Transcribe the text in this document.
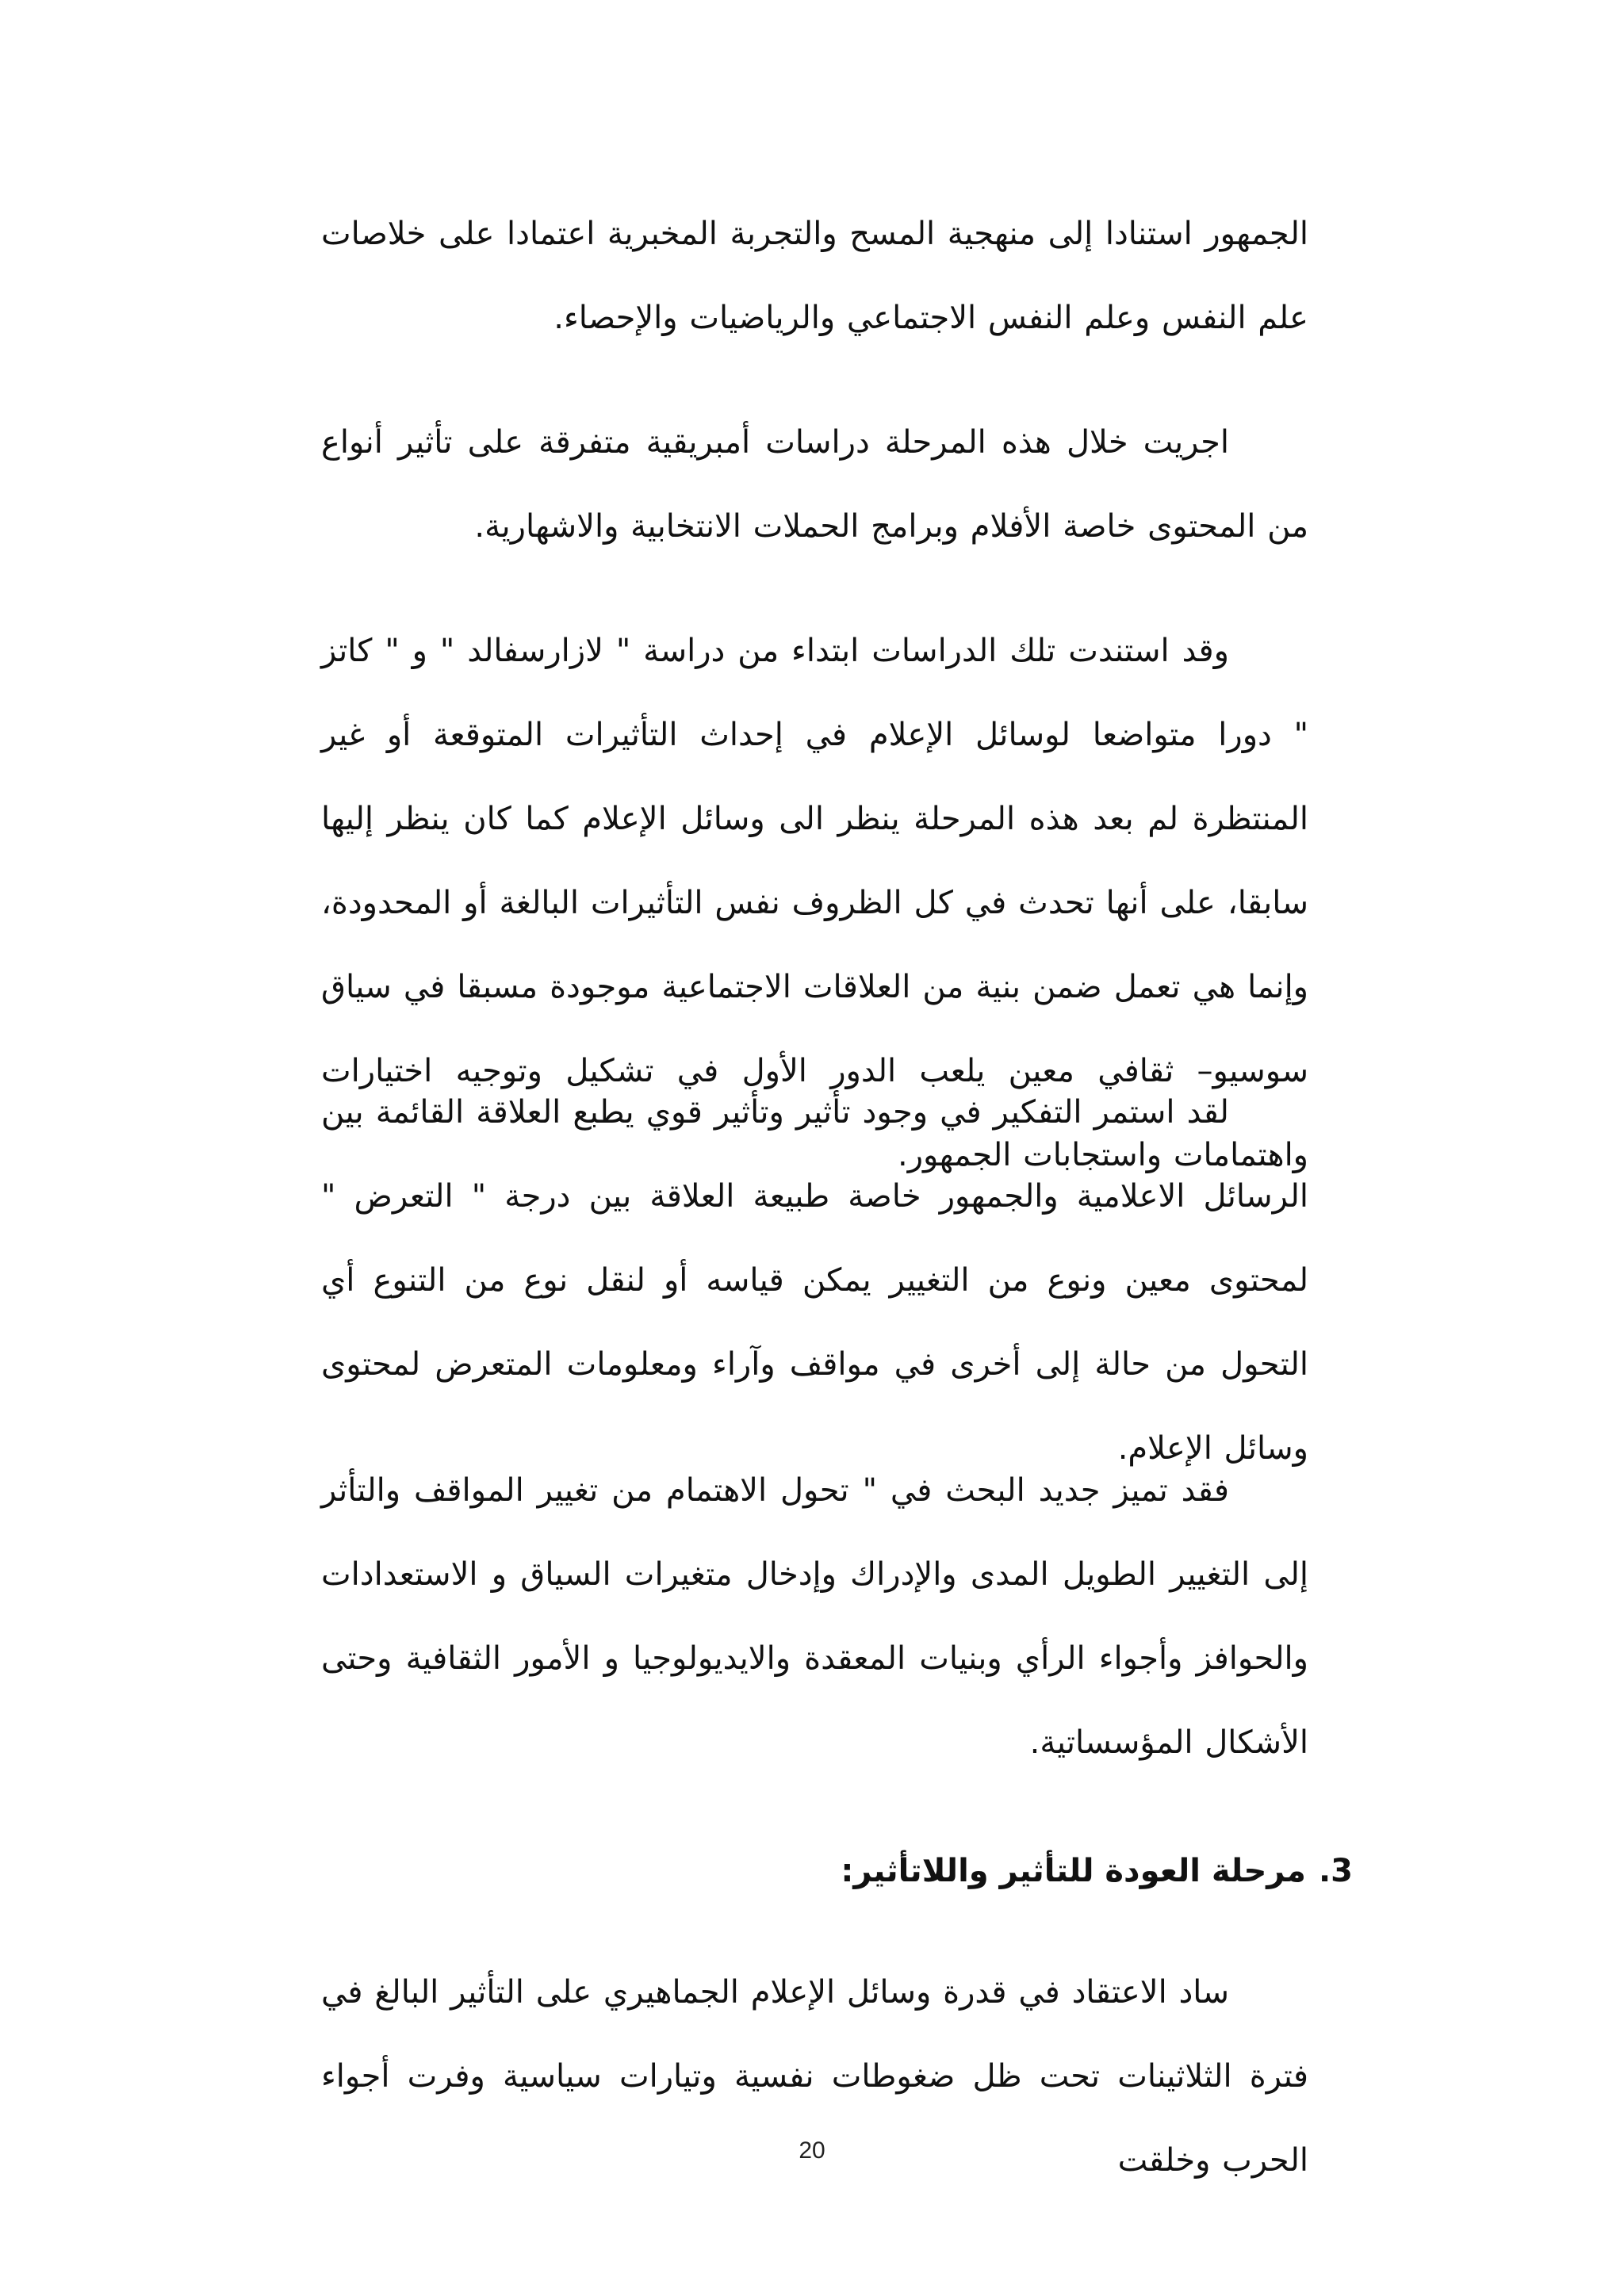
الجمهور استنادا إلى منهجية المسح والتجربة المخبرية اعتمادا على خلاصات علم النفس وعلم النفس الاجتماعي والرياضيات والإحصاء.

اجريت خلال هذه المرحلة دراسات أمبريقية متفرقة على تأثير أنواع من المحتوى خاصة الأفلام وبرامج الحملات الانتخابية والاشهارية.

وقد استندت تلك الدراسات ابتداء من دراسة " لازارسفالد " و " كاتز " دورا متواضعا لوسائل الإعلام في إحداث التأثيرات المتوقعة أو غير المنتظرة لم بعد هذه المرحلة ينظر الى وسائل الإعلام كما كان ينظر إليها سابقا، على أنها تحدث في كل الظروف نفس التأثيرات البالغة أو المحدودة، وإنما هي تعمل ضمن بنية من العلاقات الاجتماعية موجودة مسبقا في سياق سوسيو– ثقافي معين يلعب الدور الأول في تشكيل وتوجيه اختيارات واهتمامات واستجابات الجمهور.

لقد استمر التفكير في وجود تأثير وتأثير قوي يطبع العلاقة القائمة بين الرسائل الاعلامية والجمهور خاصة طبيعة العلاقة بين درجة " التعرض " لمحتوى معين ونوع من التغيير يمكن قياسه أو لنقل نوع من التنوع أي التحول من حالة إلى أخرى في مواقف وآراء ومعلومات المتعرض لمحتوى وسائل الإعلام.

فقد تميز جديد البحث في " تحول الاهتمام من تغيير المواقف والتأثر إلى التغيير الطويل المدى والإدراك وإدخال متغيرات السياق و الاستعدادات والحوافز وأجواء الرأي وبنيات المعقدة والايديولوجيا و الأمور الثقافية وحتى الأشكال المؤسساتية.

3.مرحلة العودة للتأثير واللاتأثير:

ساد الاعتقاد في قدرة وسائل الإعلام الجماهيري على التأثير البالغ في فترة الثلاثينات تحت ظل ضغوطات نفسية وتيارات سياسية وفرت أجواء الحرب وخلقت

20
